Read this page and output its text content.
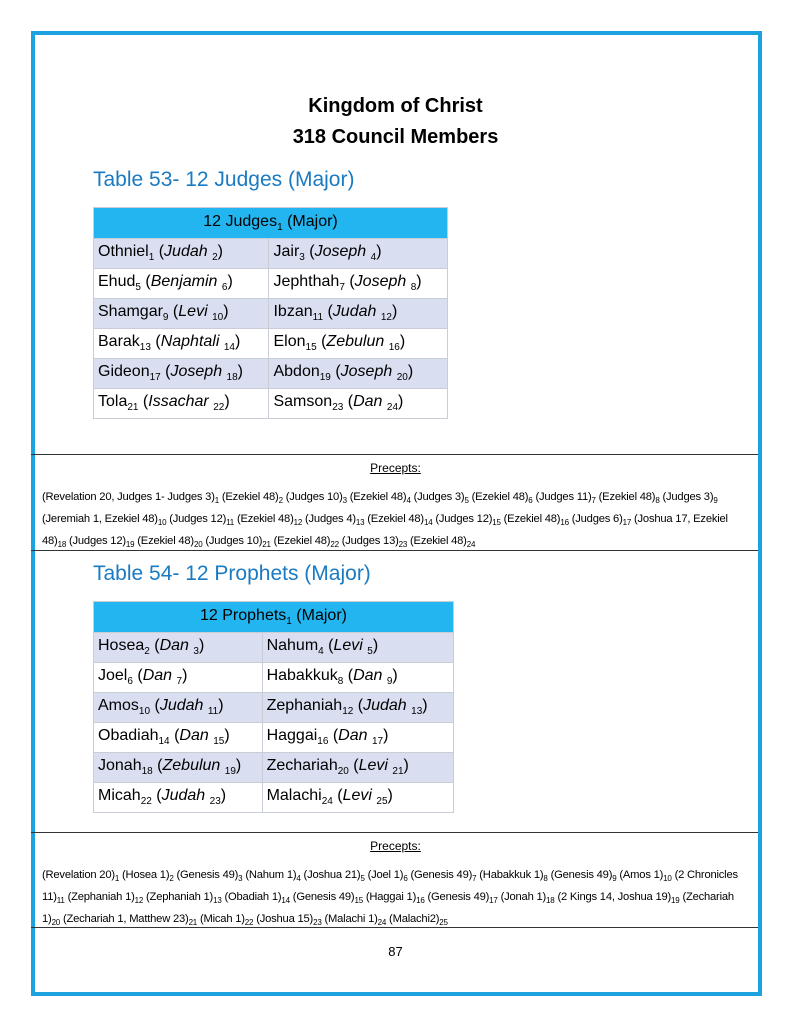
Kingdom of Christ
318 Council Members
Table 53- 12 Judges (Major)
12 Judges$_1$ (Major)	
Othniel$_1$ (Judah $_2$)	Jair$_3$ (Joseph $_4$)
Ehud$_5$ (Benjamin $_6$)	Jephthah$_7$ (Joseph $_8$)
Shamgar$_9$ (Levi $_{10}$)	Ibzan$_{11}$ (Judah $_{12}$)
Barak$_{13}$ (Naphtali $_{14}$)	Elon$_{15}$ (Zebulun $_{16}$)
Gideon$_{17}$ (Joseph $_{18}$)	Abdon$_{19}$ (Joseph $_{20}$)
Tola$_{21}$ (Issachar $_{22}$)	Samson$_{23}$ (Dan $_{24}$)
Precepts:
(Revelation 20, Judges 1- Judges $3)_1$ (Ezekiel $48)_2$ (Judges $10)_3$ (Ezekiel $48)_4$ (Judges $3)_5$ (Ezekiel $48)_6$ (Judges $11)_7$ (Ezekiel $48)_8$ (Judges $3)_9$ (Jeremiah 1, Ezekiel $48)_{10}$ (Judges $12)_{11}$ (Ezekiel $48)_{12}$ (Judges $4)_{13}$ (Ezekiel $48)_{14}$ (Judges $12)_{15}$ (Ezekiel $48)_{16}$ (Judges $6)_{17}$ (Joshua 17, Ezekiel $48)_{18}$ (Judges $12)_{19}$ (Ezekiel $48)_{20}$ (Judges $10)_{21}$ (Ezekiel $48)_{22}$ (Judges $13)_{23}$ (Ezekiel $48)_{24}$
Table 54- 12 Prophets (Major)
12 Prophets$_1$ (Major)	
Hosea$_2$ (Dan $_3$)	Nahum$_4$ (Levi $_5$)
Joel$_6$ (Dan $_7$)	Habakkuk$_8$ (Dan $_9$)
Amos$_{10}$ (Judah $_{11}$)	Zephaniah$_{12}$ (Judah $_{13}$)
Obadiah$_{14}$ (Dan $_{15}$)	Haggai$_{16}$ (Dan $_{17}$)
Jonah$_{18}$ (Zebulun $_{19}$)	Zechariah$_{20}$ (Levi $_{21}$)
Micah$_{22}$ (Judah $_{23}$)	Malachi$_{24}$ (Levi $_{25}$)
Precepts:
(Revelation $20)_1$ (Hosea $1)_2$ (Genesis $49)_3$ (Nahum $1)_4$ (Joshua $21)_5$ (Joel $1)_6$ (Genesis $49)_7$ (Habakkuk $1)_8$ (Genesis $49)_9$ (Amos $1)_{10}$ (2 Chronicles $11)_{11}$ (Zephaniah $1)_{12}$ (Zephaniah $1)_{13}$ (Obadiah $1)_{14}$ (Genesis $49)_{15}$ (Haggai $1)_{16}$ (Genesis $49)_{17}$ (Jonah $1)_{18}$ (2 Kings 14, Joshua $19)_{19}$ (Zechariah $1)_{20}$ (Zechariah 1, Matthew $23)_{21}$ (Micah $1)_{22}$ (Joshua $15)_{23}$ (Malachi $1)_{24}$ $(Malachi2)_{25}$
87
